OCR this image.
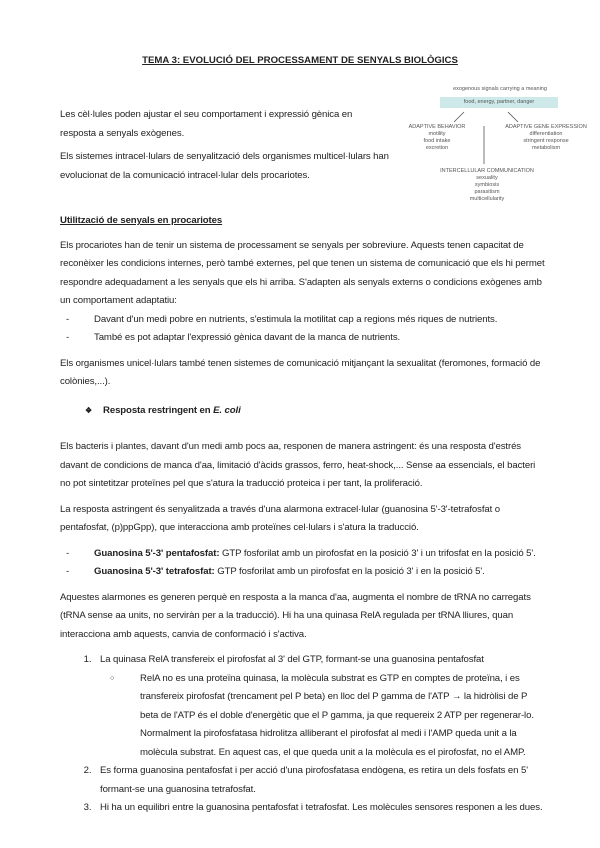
TEMA 3: EVOLUCIÓ DEL PROCESSAMENT DE SENYALS BIOLÒGICS

Les cèl·lules poden ajustar el seu comportament i expressió gènica en resposta a senyals exògenes.

Els sistemes intracel·lulars de senyalització dels organismes multicel·lulars han evolucionat de la comunicació intracel·lular dels procariotes.

exogenous signals carrying a meaning
food, energy, partner, danger
ADAPTIVE BEHAVIOR
motility
food intake
excretion
ADAPTIVE GENE EXPRESSION
differentiation
stringent response
metabolism
INTERCELLULAR COMMUNICATION
sexuality
symbiosis
parasitism
multicellularity

Utilització de senyals en procariotes

Els procariotes han de tenir un sistema de processament se senyals per sobreviure. Aquests tenen capacitat de reconèixer les condicions internes, però també externes, pel que tenen un sistema de comunicació que els hi permet respondre adequadament a les senyals que els hi arriba. S'adapten als senyals externs o condicions exògenes amb un comportament adaptatiu:

- Davant d'un medi pobre en nutrients, s'estimula la motilitat cap a regions més riques de nutrients.
- També es pot adaptar l'expressió gènica davant de la manca de nutrients.

Els organismes unicel·lulars també tenen sistemes de comunicació mitjançant la sexualitat (feromones, formació de colònies,...).

❖ Resposta restringent en E. coli

Els bacteris i plantes, davant d'un medi amb pocs aa, responen de manera astringent: és una resposta d'estrés davant de condicions de manca d'aa, limitació d'àcids grassos, ferro, heat-shock,... Sense aa essencials, el bacteri no pot sintetitzar proteïnes pel que s'atura la traducció proteica i per tant, la proliferació.

La resposta astringent és senyalitzada a través d'una alarmona extracel·lular (guanosina 5'-3'-tetrafosfat o pentafosfat, (p)ppGpp), que interacciona amb proteïnes cel·lulars i s'atura la traducció.

- Guanosina 5'-3' pentafosfat: GTP fosforilat amb un pirofosfat en la posició 3' i un trifosfat en la posició 5'.
- Guanosina 5'-3' tetrafosfat: GTP fosforilat amb un pirofosfat en la posició 3' i en la posició 5'.

Aquestes alarmones es generen perquè en resposta a la manca d'aa, augmenta el nombre de tRNA no carregats (tRNA sense aa units, no serviràn per a la traducció). Hi ha una quinasa RelA regulada per tRNA lliures, quan interacciona amb aquests, canvia de conformació i s'activa.

1. La quinasa RelA transfereix el pirofosfat al 3' del GTP, formant-se una guanosina pentafosfat
○ RelA no es una proteïna quinasa, la molècula substrat es GTP en comptes de proteïna, i es transfereix pirofosfat (trencament pel P beta) en lloc del P gamma de l'ATP → la hidròlisi de P beta de l'ATP és el doble d'energètic que el P gamma, ja que requereix 2 ATP per regenerar-lo. Normalment la pirofosfatasa hidrolitza alliberant el pirofosfat al medi i l'AMP queda unit a la molècula substrat. En aquest cas, el que queda unit a la molècula es el pirofosfat, no el AMP.
2. Es forma guanosina pentafosfat i per acció d'una pirofosfatasa endògena, es retira un dels fosfats en 5' formant-se una guanosina tetrafosfat.
3. Hi ha un equilibri entre la guanosina pentafosfat i tetrafosfat. Les molècules sensores responen a les dues.
